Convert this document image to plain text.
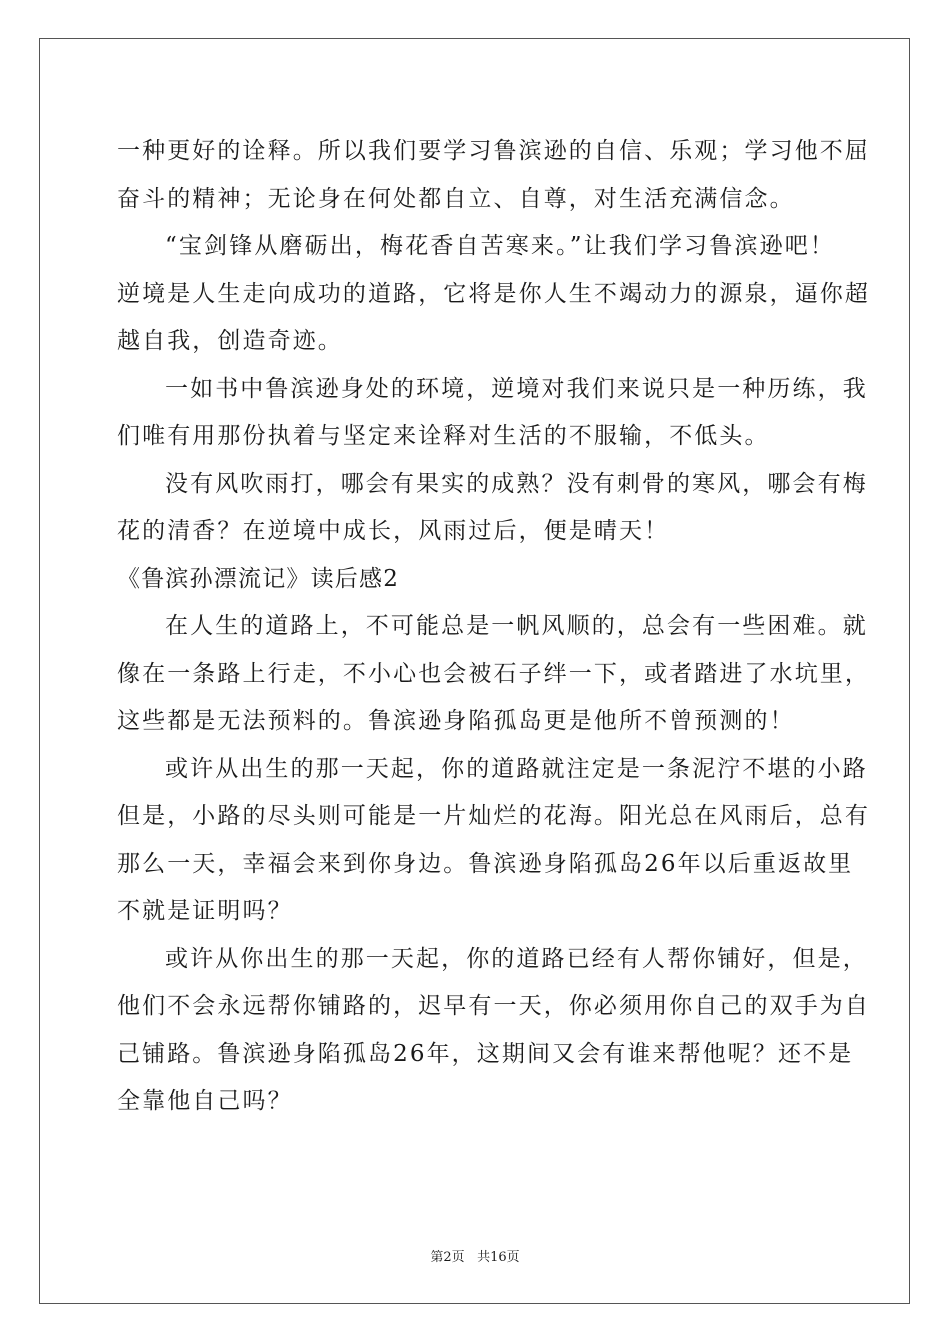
一种更好的诠释。所以我们要学习鲁滨逊的自信、乐观；学习他不屈
奋斗的精神；无论身在何处都自立、自尊，对生活充满信念。
“宝剑锋从磨砺出，梅花香自苦寒来。”让我们学习鲁滨逊吧！
逆境是人生走向成功的道路，它将是你人生不竭动力的源泉，逼你超
越自我，创造奇迹。
一如书中鲁滨逊身处的环境，逆境对我们来说只是一种历练，我
们唯有用那份执着与坚定来诠释对生活的不服输，不低头。
没有风吹雨打，哪会有果实的成熟？没有刺骨的寒风，哪会有梅
花的清香？在逆境中成长，风雨过后，便是晴天！
《鲁滨孙漂流记》读后感2
在人生的道路上，不可能总是一帆风顺的，总会有一些困难。就
像在一条路上行走，不小心也会被石子绊一下，或者踏进了水坑里，
这些都是无法预料的。鲁滨逊身陷孤岛更是他所不曾预测的！
或许从出生的那一天起，你的道路就注定是一条泥泞不堪的小路
但是，小路的尽头则可能是一片灿烂的花海。阳光总在风雨后，总有
那么一天，幸福会来到你身边。鲁滨逊身陷孤岛26年以后重返故里
不就是证明吗？
或许从你出生的那一天起，你的道路已经有人帮你铺好，但是，
他们不会永远帮你铺路的，迟早有一天，你必须用你自己的双手为自
己铺路。鲁滨逊身陷孤岛26年，这期间又会有谁来帮他呢？还不是
全靠他自己吗？
第2页 共16页
